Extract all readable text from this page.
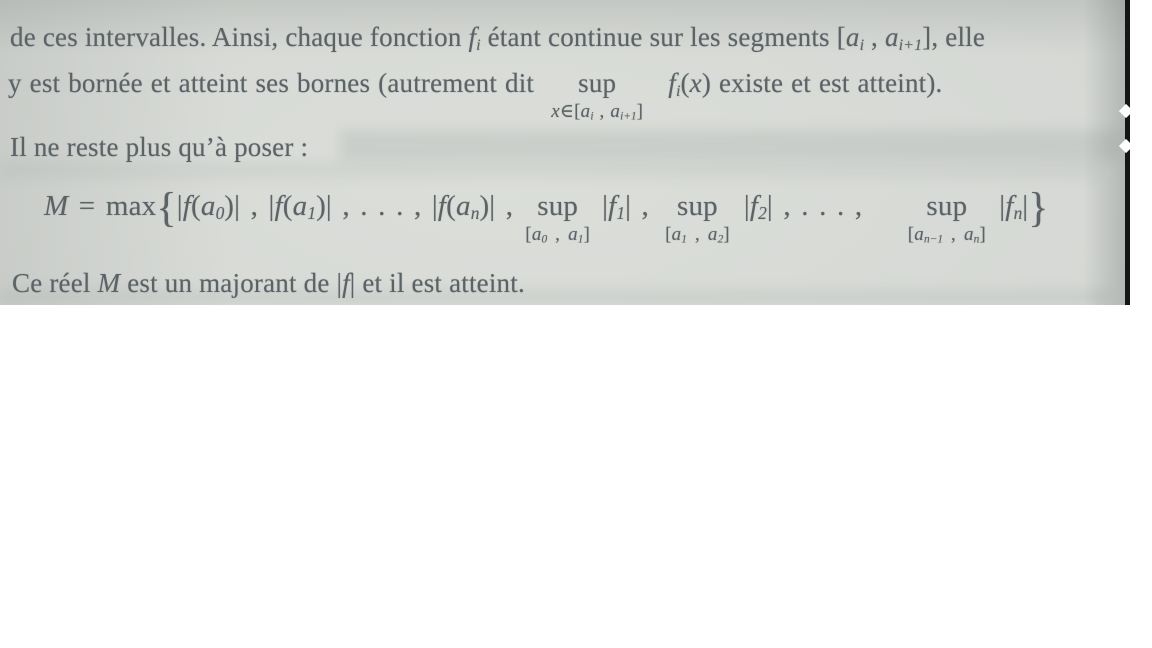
de ces intervalles. Ainsi, chaque fonction fi étant continue sur les segments [ai , ai+1], elle

y est bornée et atteint ses bornes (autrement dit sup
x∈[ai , ai+1]
fi(x) existe et est atteint).

Il ne reste plus qu’à poser :

M = max{|f(a0)| , |f(a1)| , . . . , |f(an)| , sup
[a0 , a1]
|f1| , sup
[a1 , a2]
|f2| , . . . , sup
[an−1 , an]
|fn|}

Ce réel M est un majorant de |f| et il est atteint.
